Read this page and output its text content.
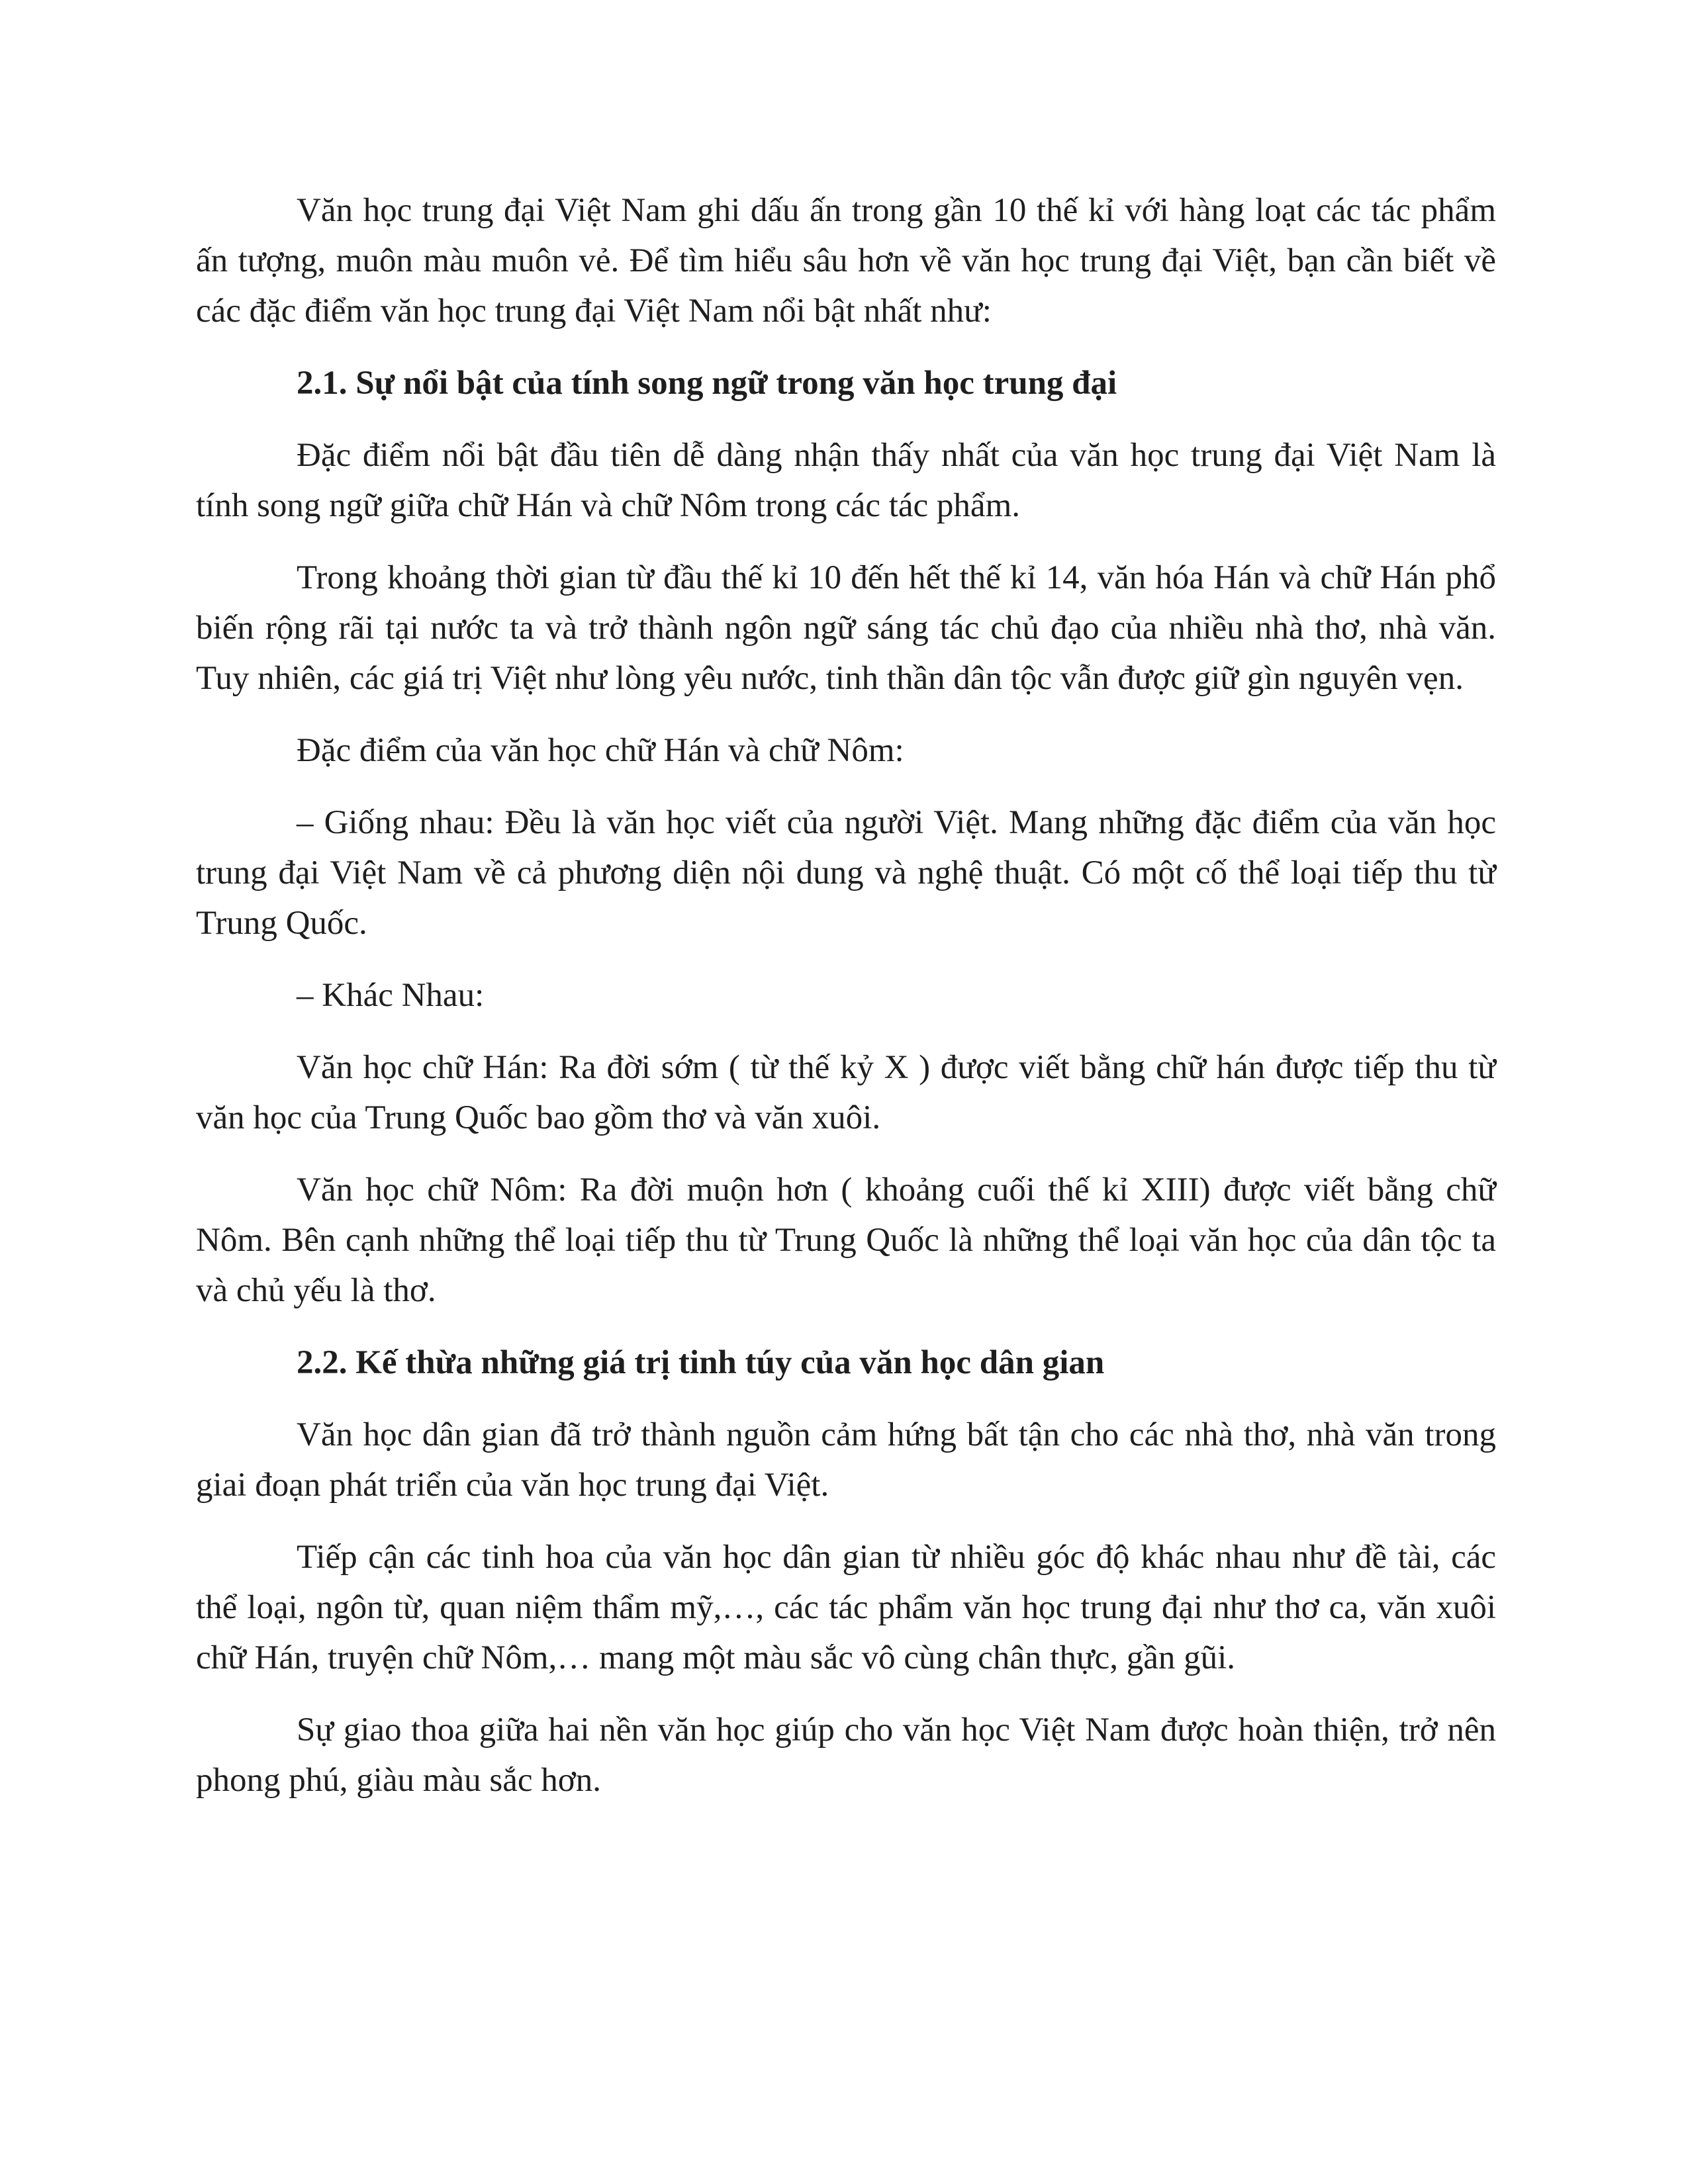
Văn học trung đại Việt Nam ghi dấu ấn trong gần 10 thế kỉ với hàng loạt các tác phẩm ấn tượng, muôn màu muôn vẻ. Để tìm hiểu sâu hơn về văn học trung đại Việt, bạn cần biết về các đặc điểm văn học trung đại Việt Nam nổi bật nhất như:

2.1. Sự nổi bật của tính song ngữ trong văn học trung đại

Đặc điểm nổi bật đầu tiên dễ dàng nhận thấy nhất của văn học trung đại Việt Nam là tính song ngữ giữa chữ Hán và chữ Nôm trong các tác phẩm.

Trong khoảng thời gian từ đầu thế kỉ 10 đến hết thế kỉ 14, văn hóa Hán và chữ Hán phổ biến rộng rãi tại nước ta và trở thành ngôn ngữ sáng tác chủ đạo của nhiều nhà thơ, nhà văn. Tuy nhiên, các giá trị Việt như lòng yêu nước, tinh thần dân tộc vẫn được giữ gìn nguyên vẹn.

Đặc điểm của văn học chữ Hán và chữ Nôm:

– Giống nhau: Đều là văn học viết của người Việt. Mang những đặc điểm của văn học trung đại Việt Nam về cả phương diện nội dung và nghệ thuật. Có một cố thể loại tiếp thu từ Trung Quốc.

– Khác Nhau:

Văn học chữ Hán: Ra đời sớm ( từ thế kỷ X ) được viết bằng chữ hán được tiếp thu từ văn học của Trung Quốc bao gồm thơ và văn xuôi.

Văn học chữ Nôm: Ra đời muộn hơn ( khoảng cuối thế kỉ XIII) được viết bằng chữ Nôm. Bên cạnh những thể loại tiếp thu từ Trung Quốc là những thể loại văn học của dân tộc ta và chủ yếu là thơ.

2.2. Kế thừa những giá trị tinh túy của văn học dân gian

Văn học dân gian đã trở thành nguồn cảm hứng bất tận cho các nhà thơ, nhà văn trong giai đoạn phát triển của văn học trung đại Việt.

Tiếp cận các tinh hoa của văn học dân gian từ nhiều góc độ khác nhau như đề tài, các thể loại, ngôn từ, quan niệm thẩm mỹ,…, các tác phẩm văn học trung đại như thơ ca, văn xuôi chữ Hán, truyện chữ Nôm,… mang một màu sắc vô cùng chân thực, gần gũi.

Sự giao thoa giữa hai nền văn học giúp cho văn học Việt Nam được hoàn thiện, trở nên phong phú, giàu màu sắc hơn.
